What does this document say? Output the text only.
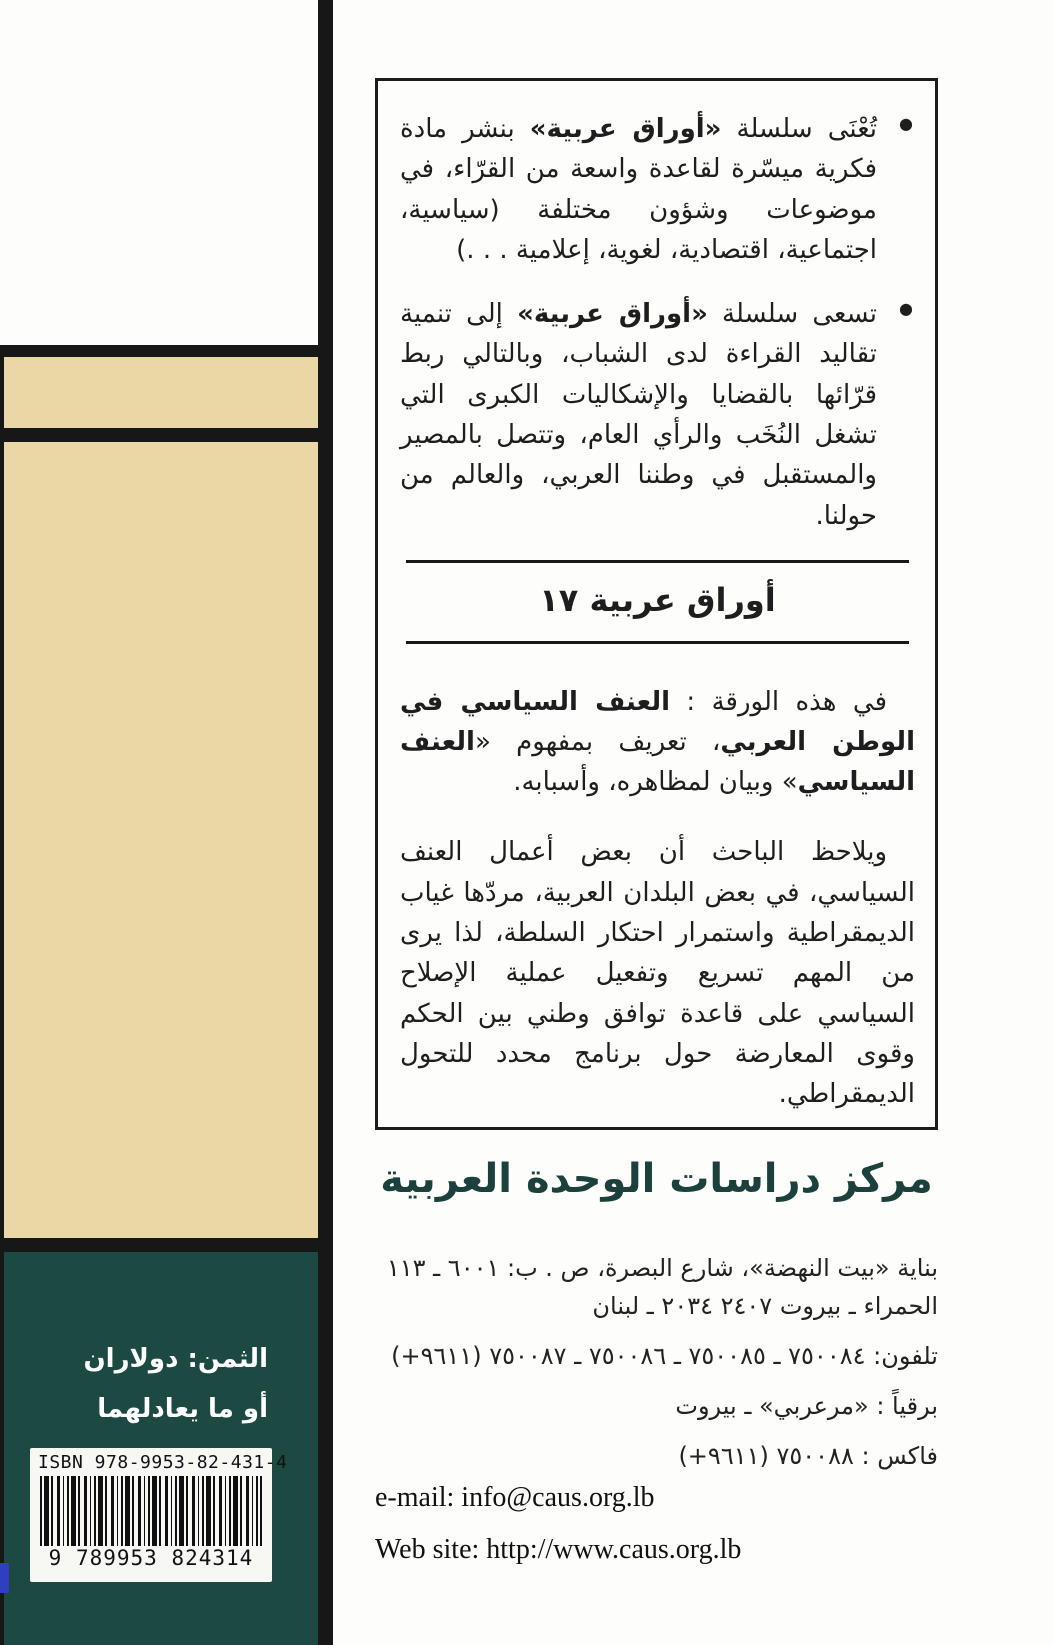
الثمن: دولاران
أو ما يعادلهما
ISBN 978-9953-82-431-4
9 789953 824314
●
تُعْنَى سلسلة «أوراق عربية» بنشر مادة فكرية ميسّرة لقاعدة واسعة من القرّاء، في موضوعات وشؤون مختلفة (سياسية، اجتماعية، اقتصادية، لغوية، إعلامية . . .)
●
تسعى سلسلة «أوراق عربية» إلى تنمية تقاليد القراءة لدى الشباب، وبالتالي ربط قرّائها بالقضايا والإشكاليات الكبرى التي تشغل النُخَب والرأي العام، وتتصل بالمصير والمستقبل في وطننا العربي، والعالم من حولنا.
أوراق عربية ١٧
في هذه الورقة : العنف السياسي في الوطن العربي، تعريف بمفهوم «العنف السياسي» وبيان لمظاهره، وأسبابه.
ويلاحظ الباحث أن بعض أعمال العنف السياسي، في بعض البلدان العربية، مردّها غياب الديمقراطية واستمرار احتكار السلطة، لذا يرى من المهم تسريع وتفعيل عملية الإصلاح السياسي على قاعدة توافق وطني بين الحكم وقوى المعارضة حول برنامج محدد للتحول الديمقراطي.
مركز دراسات الوحدة العربية
بناية «بيت النهضة»، شارع البصرة، ص . ب: ٦٠٠١ ـ ١١٣
الحمراء ـ بيروت ٢٤٠٧ ٢٠٣٤ ـ لبنان
تلفون: ٧٥٠٠٨٤ ـ ٧٥٠٠٨٥ ـ ٧٥٠٠٨٦ ـ ٧٥٠٠٨٧ (+٩٦١١)
برقياً : «مرعربي» ـ بيروت
فاكس : ٧٥٠٠٨٨ (+٩٦١١)
e-mail: info@caus.org.lb
Web site: http://www.caus.org.lb
